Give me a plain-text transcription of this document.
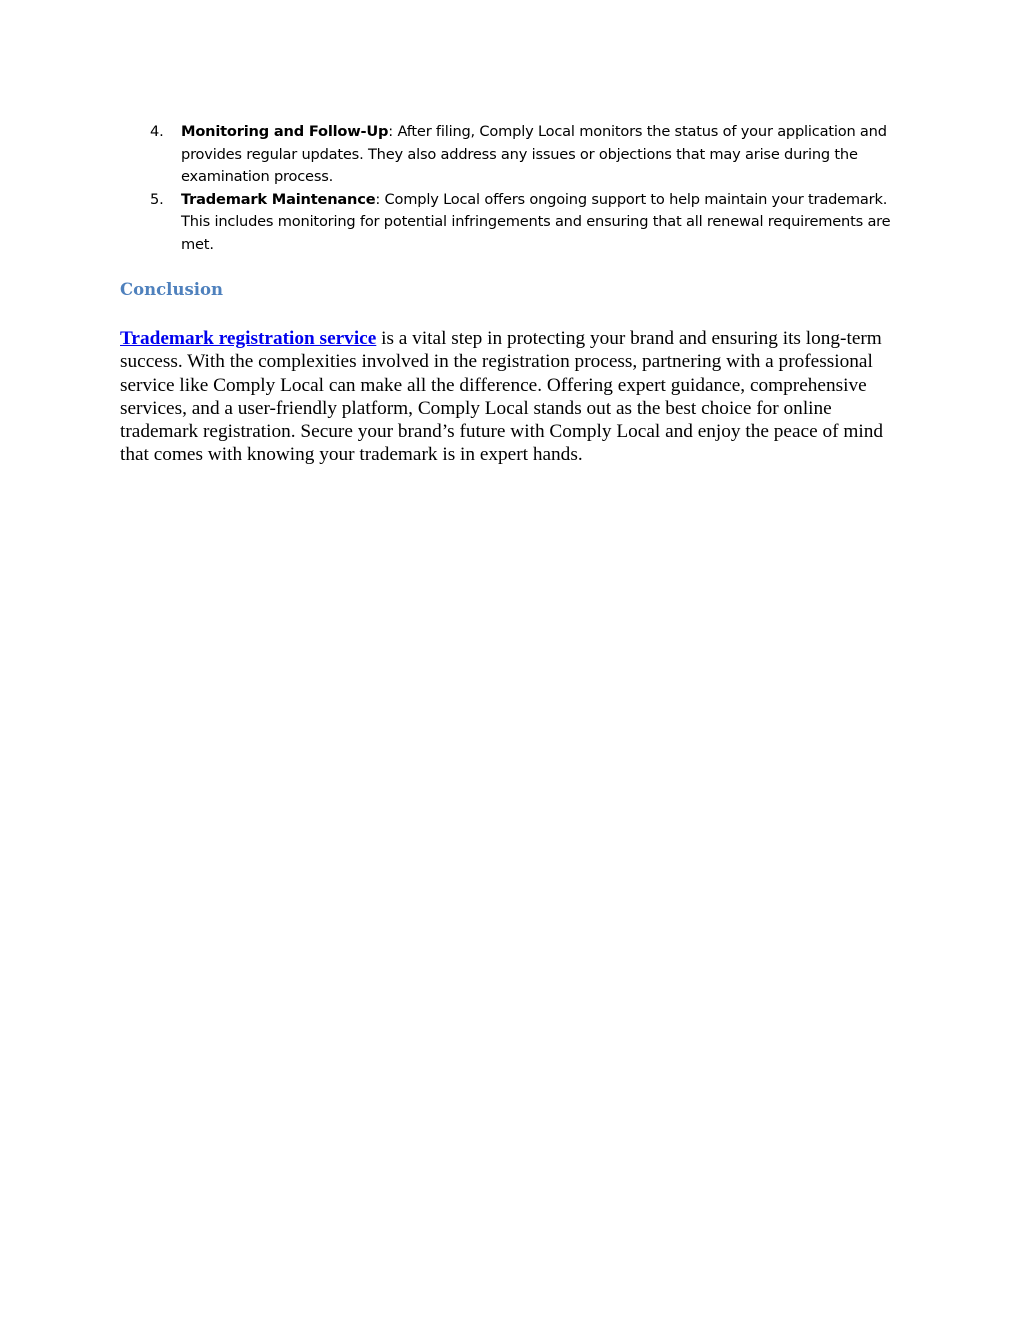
4. Monitoring and Follow-Up: After filing, Comply Local monitors the status of your application and provides regular updates. They also address any issues or objections that may arise during the examination process.
5. Trademark Maintenance: Comply Local offers ongoing support to help maintain your trademark. This includes monitoring for potential infringements and ensuring that all renewal requirements are met.
Conclusion

Trademark registration service is a vital step in protecting your brand and ensuring its long-term success. With the complexities involved in the registration process, partnering with a professional service like Comply Local can make all the difference. Offering expert guidance, comprehensive services, and a user-friendly platform, Comply Local stands out as the best choice for online trademark registration. Secure your brand’s future with Comply Local and enjoy the peace of mind that comes with knowing your trademark is in expert hands.
